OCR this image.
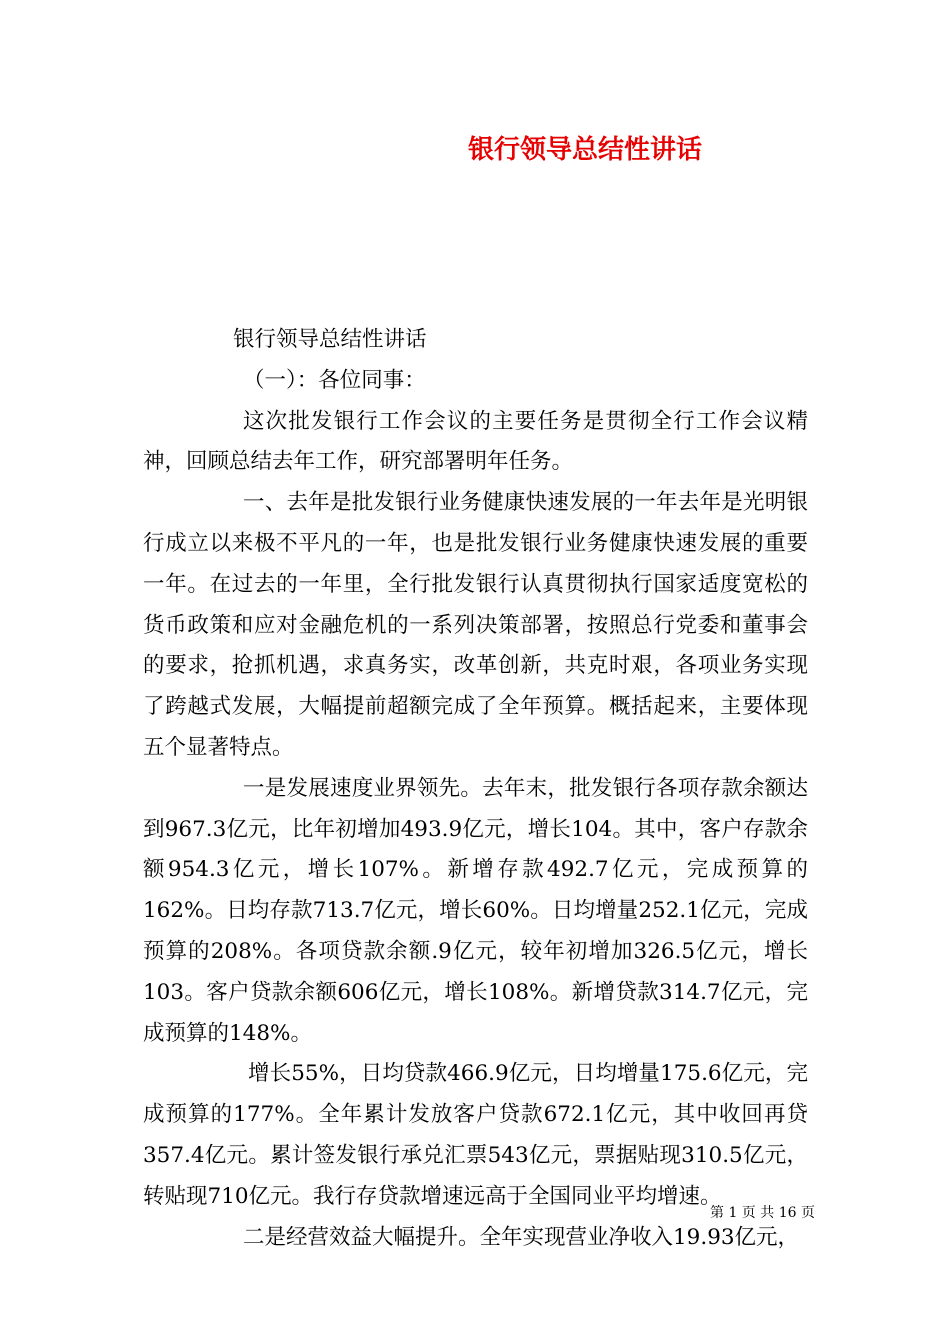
银行领导总结性讲话

银行领导总结性讲话

（一）：各位同事：

这次批发银行工作会议的主要任务是贯彻全行工作会议精神，回顾总结去年工作，研究部署明年任务。

一、去年是批发银行业务健康快速发展的一年去年是光明银行成立以来极不平凡的一年，也是批发银行业务健康快速发展的重要一年。在过去的一年里，全行批发银行认真贯彻执行国家适度宽松的货币政策和应对金融危机的一系列决策部署，按照总行党委和董事会的要求，抢抓机遇，求真务实，改革创新，共克时艰，各项业务实现了跨越式发展，大幅提前超额完成了全年预算。概括起来，主要体现五个显著特点。

一是发展速度业界领先。去年末，批发银行各项存款余额达到967.3亿元，比年初增加493.9亿元，增长104。其中，客户存款余额954.3亿元，增长107%。新增存款492.7亿元，完成预算的162%。日均存款713.7亿元，增长60%。日均增量252.1亿元，完成预算的208%。各项贷款余额.9亿元，较年初增加326.5亿元，增长103。客户贷款余额606亿元，增长108%。新增贷款314.7亿元，完成预算的148%。

增长55%，日均贷款466.9亿元，日均增量175.6亿元，完成预算的177%。全年累计发放客户贷款672.1亿元，其中收回再贷357.4亿元。累计签发银行承兑汇票543亿元，票据贴现310.5亿元，转贴现710亿元。我行存贷款增速远高于全国同业平均增速。

二是经营效益大幅提升。全年实现营业净收入19.93亿元，

第 1 页 共 16 页
